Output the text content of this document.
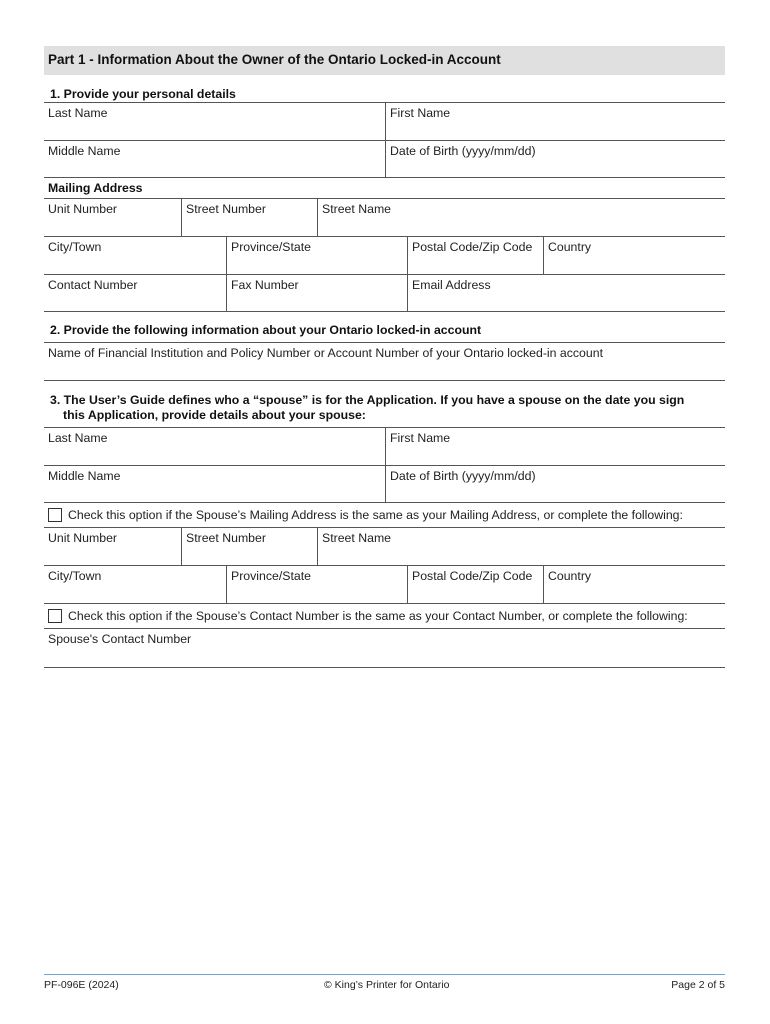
Part 1 - Information About the Owner of the Ontario Locked-in Account
1. Provide your personal details
Last Name	First Name
Middle Name	Date of Birth (yyyy/mm/dd)
Mailing Address
Unit Number	Street Number	Street Name
City/Town	Province/State	Postal Code/Zip Code	Country
Contact Number	Fax Number	Email Address
2. Provide the following information about your Ontario locked-in account
Name of Financial Institution and Policy Number or Account Number of your Ontario locked-in account
3. The User’s Guide defines who a “spouse” is for the Application. If you have a spouse on the date you sign
this Application, provide details about your spouse:
Last Name	First Name
Middle Name	Date of Birth (yyyy/mm/dd)
Check this option if the Spouse’s Mailing Address is the same as your Mailing Address, or complete the following:
Unit Number	Street Number	Street Name
City/Town	Province/State	Postal Code/Zip Code	Country
Check this option if the Spouse’s Contact Number is the same as your Contact Number, or complete the following:
Spouse's Contact Number
PF-096E (2024)	© King’s Printer for Ontario	Page 2 of 5
